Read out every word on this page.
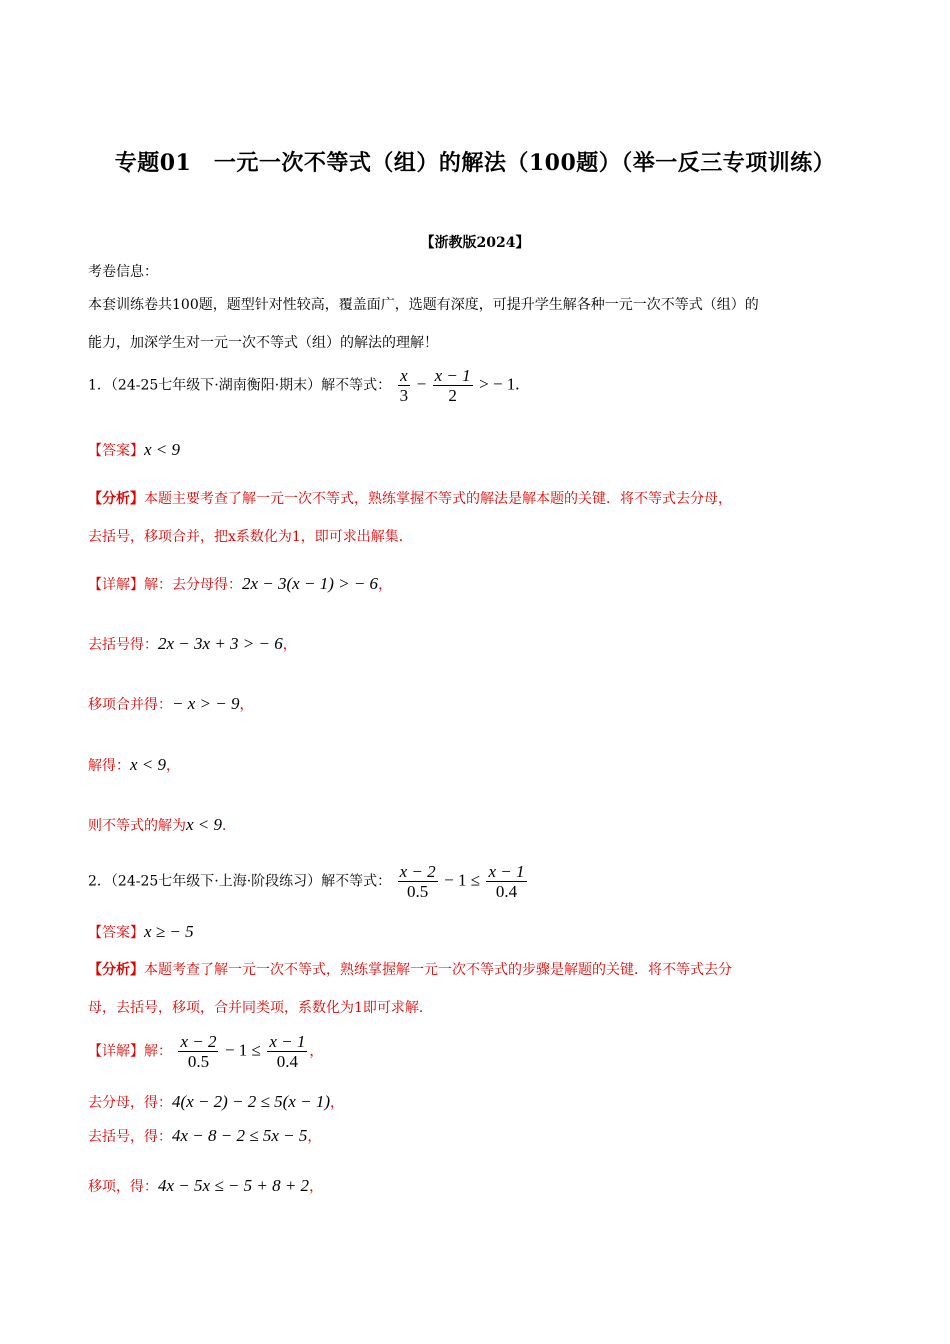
专题01　一元一次不等式（组）的解法（100题）（举一反三专项训练）
【浙教版2024】
考卷信息：
本套训练卷共100题，题型针对性较高，覆盖面广，选题有深度，可提升学生解各种一元一次不等式（组）的
能力，加深学生对一元一次不等式（组）的解法的理解！
1．（24-25七年级下·湖南衡阳·期末）解不等式： $\frac{x}{3} - \frac{x - 1}{2}$ > − 1.
【答案】x < 9
【分析】本题主要考查了解一元一次不等式，熟练掌握不等式的解法是解本题的关键．将不等式去分母，
去括号，移项合并，把x系数化为1，即可求出解集．
【详解】解：去分母得：2x − 3(x − 1) > − 6，
去括号得：2x − 3x + 3 > − 6，
移项合并得：− x > − 9，
解得：x < 9，
则不等式的解为x < 9．
2．（24-25七年级下·上海·阶段练习）解不等式： $\frac{x - 2}{0.5} - 1 \le \frac{x - 1}{0.4}$
【答案】x ≥ − 5
【分析】本题考查了解一元一次不等式，熟练掌握解一元一次不等式的步骤是解题的关键．将不等式去分
母，去括号，移项，合并同类项，系数化为1即可求解．
【详解】解： $\frac{x - 2}{0.5} - 1 \le \frac{x - 1}{0.4}$ ，
去分母，得：4(x − 2) − 2 ≤ 5(x − 1)，
去括号，得：4x − 8 − 2 ≤ 5x − 5，
移项，得：4x − 5x ≤ − 5 + 8 + 2，
